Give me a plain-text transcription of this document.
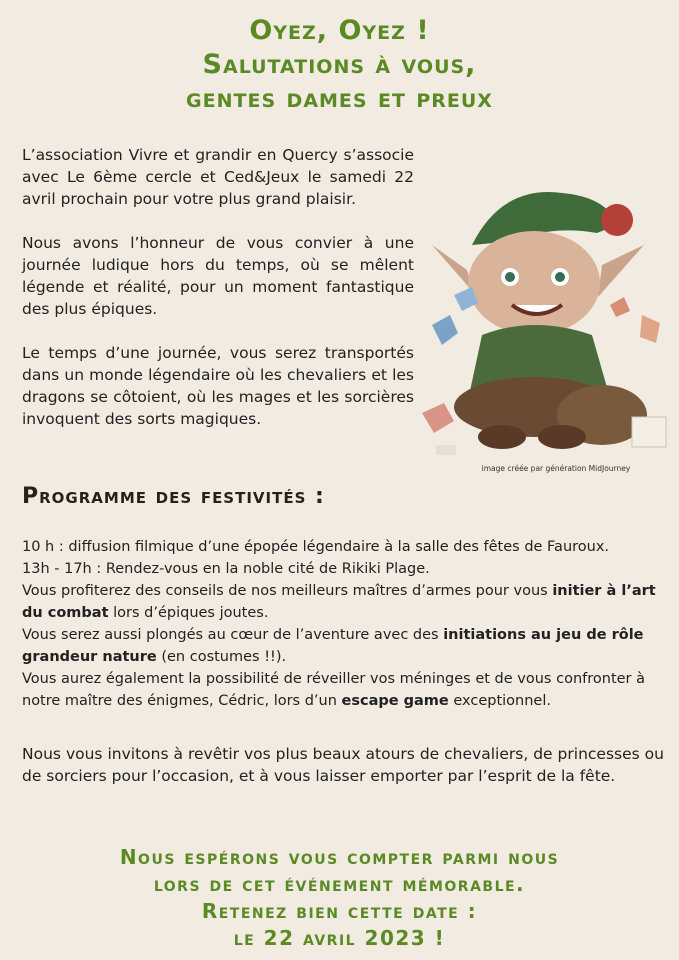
Oyez, Oyez !
Salutations à vous,
gentes dames et preux

L’association Vivre et grandir en Quercy s’associe avec Le 6ème cercle et Ced&Jeux le samedi 22 avril prochain pour votre plus grand plaisir.

Nous avons l’honneur de vous convier à une journée ludique hors du temps, où se mêlent légende et réalité, pour un moment fantastique des plus épiques.

Le temps d’une journée, vous serez transportés dans un monde légendaire où les chevaliers et les dragons se côtoient, où les mages et les sorcières invoquent des sorts magiques.

image créée par génération MidJourney
Programme des festivités :
10 h : diffusion filmique d’une épopée légendaire à la salle des fêtes de Fauroux.
13h - 17h : Rendez-vous en la noble cité de Rikiki Plage.
Vous profiterez des conseils de nos meilleurs maîtres d’armes pour vous initier à l’art du combat lors d’épiques joutes.
Vous serez aussi plongés au cœur de l’aventure avec des initiations au jeu de rôle grandeur nature (en costumes !!).
Vous aurez également la possibilité de réveiller vos méninges et de vous confronter à notre maître des énigmes, Cédric, lors d’un escape game exceptionnel.
Nous vous invitons à revêtir vos plus beaux atours de chevaliers, de princesses ou de sorciers pour l’occasion, et à vous laisser emporter par l’esprit de la fête.
Nous espérons vous compter parmi nous
lors de cet événement mémorable.
Retenez bien cette date :
le 22 avril 2023 !
